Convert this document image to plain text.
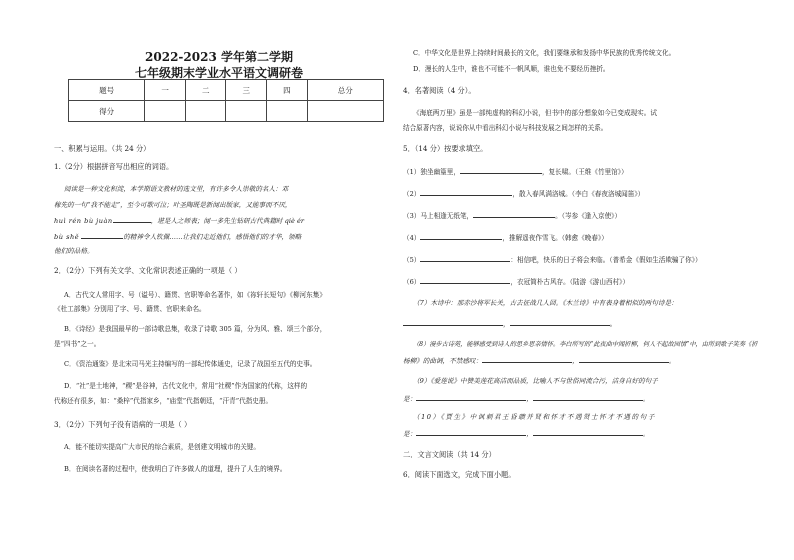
2022-2023 学年第二学期
七年级期末学业水平语文调研卷
题号	一	二	三	四	总分
得分					
一、积累与运用。（共 24 分）
1.（2分）根据拼音写出相应的词语。
阅读是一种文化积淀，本学期语文教材的选文里，有许多令人崇敬的名人：邓
稼先的一句“我不能走”，至今可歌可泣；叶圣陶既是新闻出版家，又能事而不厌，
huì rén bù juàn	，堪是人之师表；闻一多先生钻研古代典籍时 qiè ér
bù shě	的精神令人钦佩……让我们走近他们，感悟他们的才华，领略
他们的品格。
2．（2分）下列有关文学、文化常识表述正确的一项是（ ）
A．古代文人常用字、号（谥号）、籍贯、官职等命名著作，如《祢轩长短句》《柳河东集》
《杜工部集》分别用了字、号、籍贯、官职来命名。
B．《诗经》是我国最早的一部诗歌总集，收录了诗歌 305 篇，分为风、雅、颂三个部分，
是“四书”之一。
C．《资治通鉴》是北宋司马光主持编写的一部纪传体通史，记录了战国至五代的史事。
D．“社”是土地神，“稷”是谷神，古代文化中，常用“社稷”作为国家的代称，这样的
代称还有很多，如：“桑梓”代指家乡，“庙堂”代指朝廷，“汗青”代指史册。
3．（2分）下列句子没有语病的一项是（ ）
A．能不能切实提高广大市民的综合素质，是创建文明城市的关键。
B．在阅读名著的过程中，使我明白了许多做人的道理，提升了人生的境界。
C．中华文化是世界上持续时间最长的文化，我们要继承和发扬中华民族的优秀传统文化。
D．漫长的人生中，谁也不可能不一帆风顺，谁也免不要经历挫折。
4．名著阅读（4 分）。
《海底两万里》虽是一部纯虚构的科幻小说，但书中的部分想象如今已变成现实。试
结合原著内容，说说你从中看出科幻小说与科技发展之间怎样的关系。
5．（14 分）按要求填空。
（1）独坐幽篁里，	，复长啸。（王维《竹里馆》）
（2）	，散入春风满洛城。（李白《春夜洛城闻笛》）
（3）马上相逢无纸笔，	。（岑参《逢入京使》）
（4）	，推解遥夜作雪飞。（韩愈《晚春》）
（5）	：相信吧，快乐的日子将会来临。（普希金《假如生活欺骗了你》）
（6）	，衣冠简朴古风存。（陆游《游山西村》）
（7）木诗中：那赤沙将军长关，古去征战几人回。《木兰诗》中有表身着相似的两句诗是：
，	。
（8）漫步古诗苑，能够感受到诗人的思乡思亲情怀。李白所写的“此夜曲中闻折柳，何人不起故园情”中，由所到歌子笑奏《折
杨柳》的曲调，不禁感叹：	，	。
（9）《爱莲说》中赞美莲花高洁而品质，比喻人不与世俗同流合污，洁身自好的句子
是：	，	。
（10）《贾生》中讽刺君王昏聩并贤和怀才不遇贤士怀才不遇的句子
是：	，	。
二．文言文阅读（共 14 分）
6．阅读下面选文，完成下面小题。
